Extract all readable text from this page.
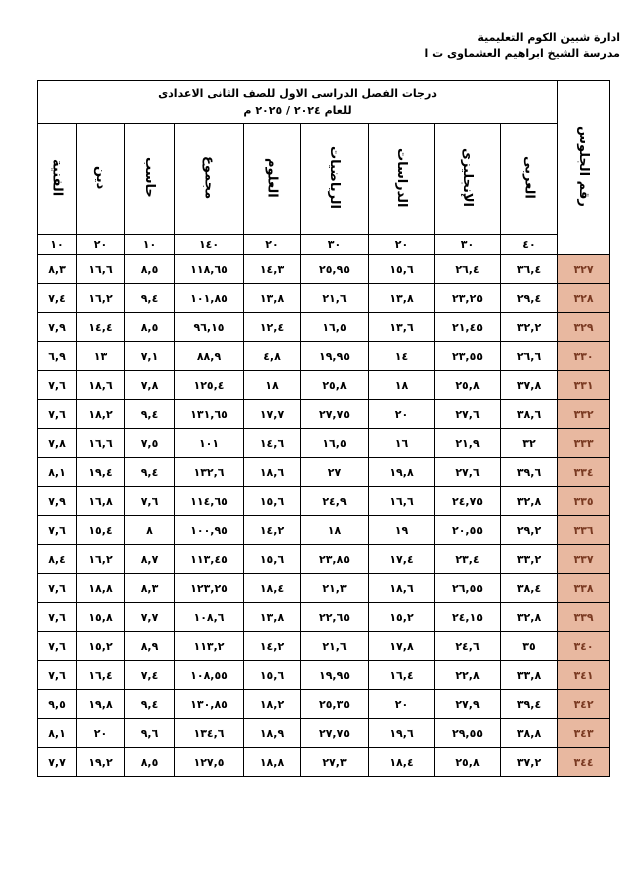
ادارة شبين الكوم التعليمية
مدرسة الشيخ ابراهيم العشماوى ت ا
رقم الجلوس	درجات الفصل الدراسى الاول للصف الثانى الاعدادى
للعام ٢٠٢٤ / ٢٠٢٥ م								

	العربى	الإنجليزى	الدراسات	الرياضيات	العلوم	مجموع	حاسب	دين	الفنية
	٤٠	٣٠	٢٠	٣٠	٢٠	١٤٠	١٠	٢٠	١٠
٣٢٧	٣٦,٤	٢٦,٤	١٥,٦	٢٥,٩٥	١٤,٣	١١٨,٦٥	٨,٥	١٦,٦	٨,٣
٣٢٨	٢٩,٤	٢٣,٢٥	١٣,٨	٢١,٦	١٣,٨	١٠١,٨٥	٩,٤	١٦,٢	٧,٤
٣٢٩	٣٢,٢	٢١,٤٥	١٣,٦	١٦,٥	١٢,٤	٩٦,١٥	٨,٥	١٤,٤	٧,٩
٣٣٠	٢٦,٦	٢٣,٥٥	١٤	١٩,٩٥	٤,٨	٨٨,٩	٧,١	١٣	٦,٩
٣٣١	٣٧,٨	٢٥,٨	١٨	٢٥,٨	١٨	١٢٥,٤	٧,٨	١٨,٦	٧,٦
٣٣٢	٣٨,٦	٢٧,٦	٢٠	٢٧,٧٥	١٧,٧	١٣١,٦٥	٩,٤	١٨,٢	٧,٦
٣٣٣	٣٢	٢١,٩	١٦	١٦,٥	١٤,٦	١٠١	٧,٥	١٦,٦	٧,٨
٣٣٤	٣٩,٦	٢٧,٦	١٩,٨	٢٧	١٨,٦	١٣٢,٦	٩,٤	١٩,٤	٨,١
٣٣٥	٣٢,٨	٢٤,٧٥	١٦,٦	٢٤,٩	١٥,٦	١١٤,٦٥	٧,٦	١٦,٨	٧,٩
٣٣٦	٢٩,٢	٢٠,٥٥	١٩	١٨	١٤,٢	١٠٠,٩٥	٨	١٥,٤	٧,٦
٣٣٧	٣٣,٢	٢٣,٤	١٧,٤	٢٣,٨٥	١٥,٦	١١٣,٤٥	٨,٧	١٦,٢	٨,٤
٣٣٨	٣٨,٤	٢٦,٥٥	١٨,٦	٢١,٣	١٨,٤	١٢٣,٢٥	٨,٣	١٨,٨	٧,٦
٣٣٩	٣٢,٨	٢٤,١٥	١٥,٢	٢٢,٦٥	١٣,٨	١٠٨,٦	٧,٧	١٥,٨	٧,٦
٣٤٠	٣٥	٢٤,٦	١٧,٨	٢١,٦	١٤,٢	١١٣,٢	٨,٩	١٥,٢	٧,٦
٣٤١	٣٣,٨	٢٢,٨	١٦,٤	١٩,٩٥	١٥,٦	١٠٨,٥٥	٧,٤	١٦,٤	٧,٦
٣٤٢	٣٩,٤	٢٧,٩	٢٠	٢٥,٣٥	١٨,٢	١٣٠,٨٥	٩,٤	١٩,٨	٩,٥
٣٤٣	٣٨,٨	٢٩,٥٥	١٩,٦	٢٧,٧٥	١٨,٩	١٣٤,٦	٩,٦	٢٠	٨,١
٣٤٤	٣٧,٢	٢٥,٨	١٨,٤	٢٧,٣	١٨,٨	١٢٧,٥	٨,٥	١٩,٢	٧,٧
